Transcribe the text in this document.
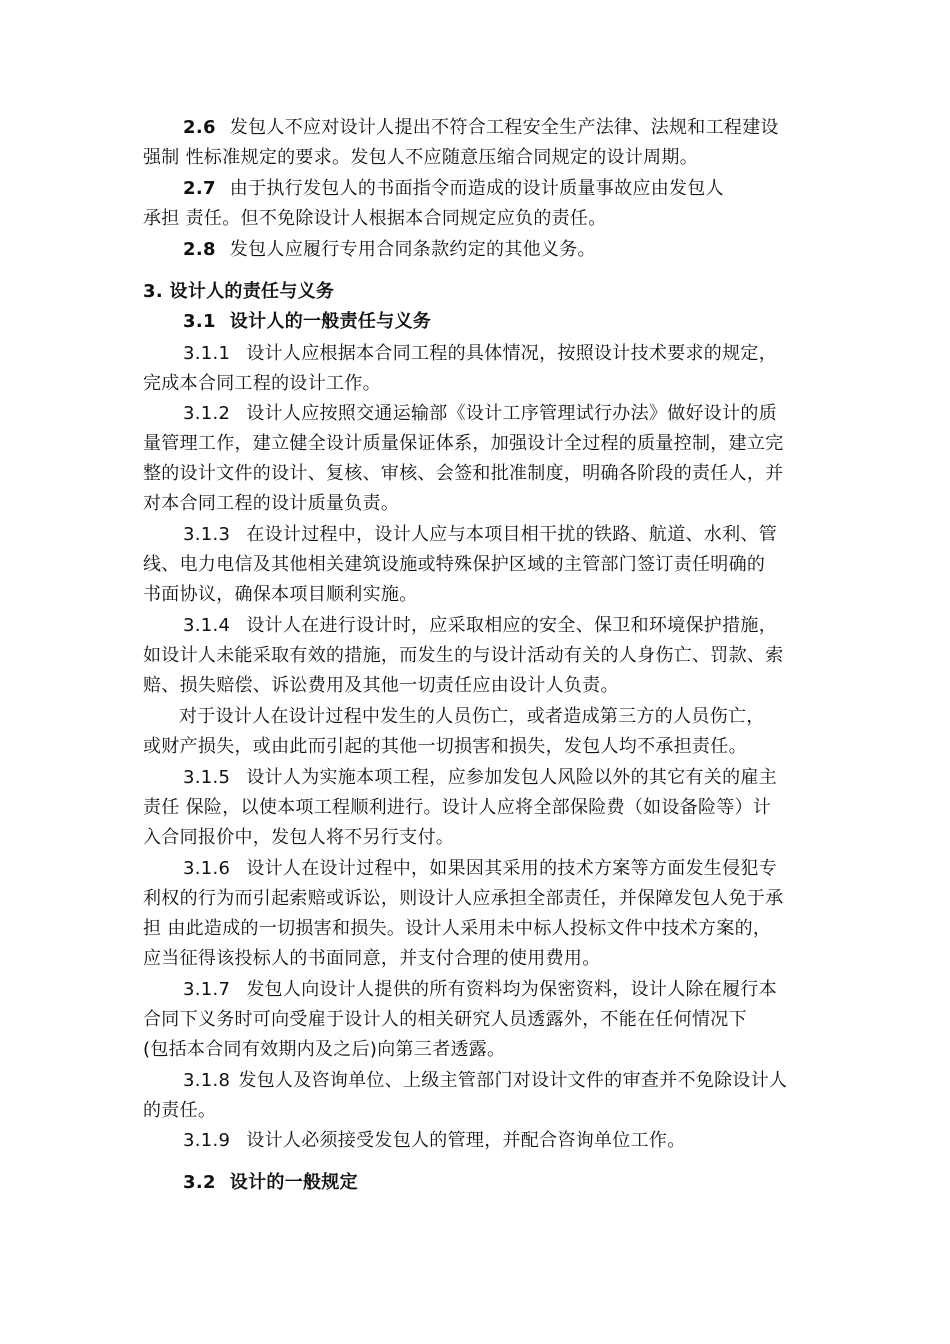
2.6 发包人不应对设计人提出不符合工程安全生产法律、法规和工程建设
强制 性标准规定的要求。发包人不应随意压缩合同规定的设计周期。
2.7 由于执行发包人的书面指令而造成的设计质量事故应由发包人
承担 责任。但不免除设计人根据本合同规定应负的责任。
2.8 发包人应履行专用合同条款约定的其他义务。
3. 设计人的责任与义务
3.1 设计人的一般责任与义务
3.1.1 设计人应根据本合同工程的具体情况，按照设计技术要求的规定，
完成本合同工程的设计工作。
3.1.2 设计人应按照交通运输部《设计工序管理试行办法》做好设计的质
量管理工作，建立健全设计质量保证体系，加强设计全过程的质量控制，建立完
整的设计文件的设计、复核、审核、会签和批准制度，明确各阶段的责任人，并
对本合同工程的设计质量负责。
3.1.3 在设计过程中，设计人应与本项目相干扰的铁路、航道、水利、管
线、电力电信及其他相关建筑设施或特殊保护区域的主管部门签订责任明确的
书面协议，确保本项目顺利实施。
3.1.4 设计人在进行设计时，应采取相应的安全、保卫和环境保护措施，
如设计人未能采取有效的措施，而发生的与设计活动有关的人身伤亡、罚款、索
赔、损失赔偿、诉讼费用及其他一切责任应由设计人负责。
对于设计人在设计过程中发生的人员伤亡，或者造成第三方的人员伤亡，
或财产损失，或由此而引起的其他一切损害和损失，发包人均不承担责任。
3.1.5 设计人为实施本项工程，应参加发包人风险以外的其它有关的雇主
责任 保险，以使本项工程顺利进行。设计人应将全部保险费（如设备险等）计
入合同报价中，发包人将不另行支付。
3.1.6 设计人在设计过程中，如果因其采用的技术方案等方面发生侵犯专
利权的行为而引起索赔或诉讼，则设计人应承担全部责任，并保障发包人免于承
担 由此造成的一切损害和损失。设计人采用未中标人投标文件中技术方案的，
应当征得该投标人的书面同意，并支付合理的使用费用。
3.1.7 发包人向设计人提供的所有资料均为保密资料，设计人除在履行本
合同下义务时可向受雇于设计人的相关研究人员透露外，不能在任何情况下
(包括本合同有效期内及之后)向第三者透露。
3.1.8 发包人及咨询单位、上级主管部门对设计文件的审查并不免除设计人
的责任。
3.1.9 设计人必须接受发包人的管理，并配合咨询单位工作。
3.2 设计的一般规定
